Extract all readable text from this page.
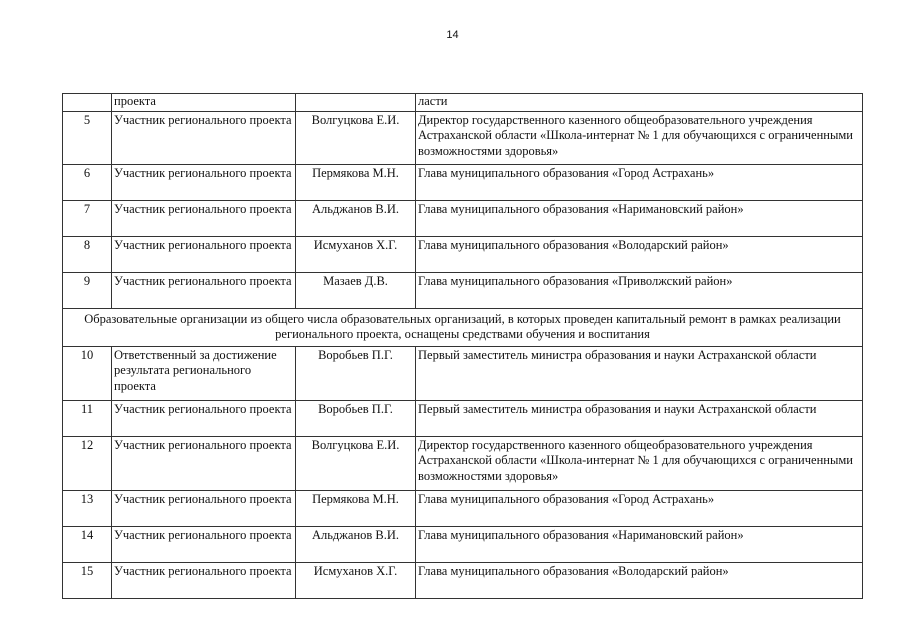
14
	проекта		ласти
5	Участник регионального проекта	Волгуцкова Е.И.	Директор государственного казенного общеобразовательного учреждения Астраханской области «Школа-интернат № 1 для обучающихся с ограниченными возможностями здоровья»
6	Участник регионального проекта	Пермякова М.Н.	Глава муниципального образования «Город Астрахань»
7	Участник регионального проекта	Альджанов В.И.	Глава муниципального образования «Наримановский район»
8	Участник регионального проекта	Исмуханов Х.Г.	Глава муниципального образования «Володарский район»
9	Участник регионального проекта	Мазаев Д.В.	Глава муниципального образования «Приволжский район»
Образовательные организации из общего числа образовательных организаций, в которых проведен капитальный ремонт в рамках реализации регионального проекта, оснащены средствами обучения и воспитания			
10	Ответственный за достижение результата регионального проекта	Воробьев П.Г.	Первый заместитель министра образования и науки Астраханской области
11	Участник регионального проекта	Воробьев П.Г.	Первый заместитель министра образования и науки Астраханской области
12	Участник регионального проекта	Волгуцкова Е.И.	Директор государственного казенного общеобразовательного учреждения Астраханской области «Школа-интернат № 1 для обучающихся с ограниченными возможностями здоровья»
13	Участник регионального проекта	Пермякова М.Н.	Глава муниципального образования «Город Астрахань»
14	Участник регионального проекта	Альджанов В.И.	Глава муниципального образования «Наримановский район»
15	Участник регионального проекта	Исмуханов Х.Г.	Глава муниципального образования «Володарский район»
